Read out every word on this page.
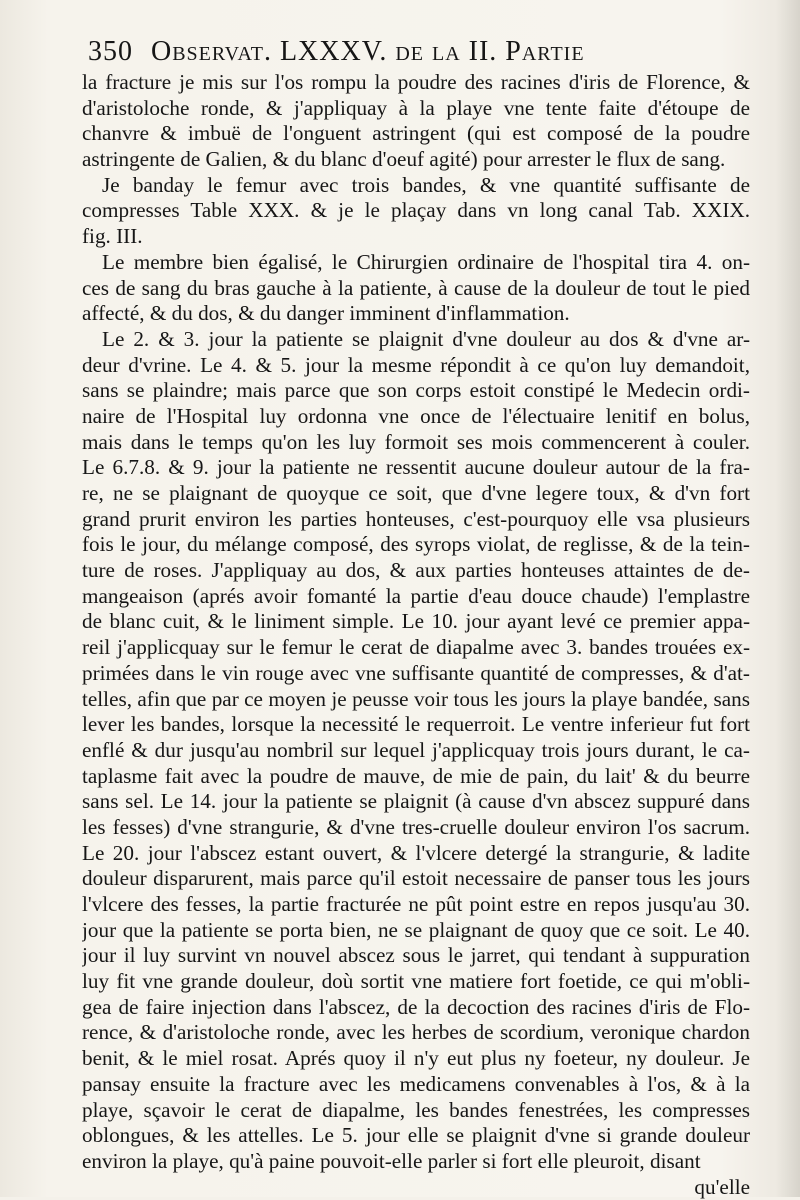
350 Observat. LXXXV. de la II. Partie
la fracture je mis sur l'os rompu la poudre des racines d'iris de Florence, &
d'aristoloche ronde, & j'appliquay à la playe vne tente faite d'étoupe de
chanvre & imbuë de l'onguent astringent (qui est composé de la poudre
astringente de Galien, & du blanc d'oeuf agité) pour arrester le flux de sang.
Je banday le femur avec trois bandes, & vne quantité suffisante de
compresses Table XXX. & je le plaçay dans vn long canal Tab. XXIX.
fig. III.
Le membre bien égalisé, le Chirurgien ordinaire de l'hospital tira 4. on-
ces de sang du bras gauche à la patiente, à cause de la douleur de tout le pied
affecté, & du dos, & du danger imminent d'inflammation.
Le 2. & 3. jour la patiente se plaignit d'vne douleur au dos & d'vne ar-
deur d'vrine. Le 4. & 5. jour la mesme répondit à ce qu'on luy demandoit,
sans se plaindre; mais parce que son corps estoit constipé le Medecin ordi-
naire de l'Hospital luy ordonna vne once de l'électuaire lenitif en bolus,
mais dans le temps qu'on les luy formoit ses mois commencerent à couler.
Le 6.7.8. & 9. jour la patiente ne ressentit aucune douleur autour de la fra-
re, ne se plaignant de quoyque ce soit, que d'vne legere toux, & d'vn fort
grand prurit environ les parties honteuses, c'est-pourquoy elle vsa plusieurs
fois le jour, du mélange composé, des syrops violat, de reglisse, & de la tein-
ture de roses. J'appliquay au dos, & aux parties honteuses attaintes de de-
mangeaison (aprés avoir fomanté la partie d'eau douce chaude) l'emplastre
de blanc cuit, & le liniment simple. Le 10. jour ayant levé ce premier appa-
reil j'applicquay sur le femur le cerat de diapalme avec 3. bandes trouées ex-
primées dans le vin rouge avec vne suffisante quantité de compresses, & d'at-
telles, afin que par ce moyen je peusse voir tous les jours la playe bandée, sans
lever les bandes, lorsque la necessité le requerroit. Le ventre inferieur fut fort
enflé & dur jusqu'au nombril sur lequel j'applicquay trois jours durant, le ca-
taplasme fait avec la poudre de mauve, de mie de pain, du lait' & du beurre
sans sel. Le 14. jour la patiente se plaignit (à cause d'vn abscez suppuré dans
les fesses) d'vne strangurie, & d'vne tres-cruelle douleur environ l'os sacrum.
Le 20. jour l'abscez estant ouvert, & l'vlcere detergé la strangurie, & ladite
douleur disparurent, mais parce qu'il estoit necessaire de panser tous les jours
l'vlcere des fesses, la partie fracturée ne pût point estre en repos jusqu'au 30.
jour que la patiente se porta bien, ne se plaignant de quoy que ce soit. Le 40.
jour il luy survint vn nouvel abscez sous le jarret, qui tendant à suppuration
luy fit vne grande douleur, doù sortit vne matiere fort foetide, ce qui m'obli-
gea de faire injection dans l'abscez, de la decoction des racines d'iris de Flo-
rence, & d'aristoloche ronde, avec les herbes de scordium, veronique chardon
benit, & le miel rosat. Aprés quoy il n'y eut plus ny foeteur, ny douleur. Je
pansay ensuite la fracture avec les medicamens convenables à l'os, & à la
playe, sçavoir le cerat de diapalme, les bandes fenestrées, les compresses
oblongues, & les attelles. Le 5. jour elle se plaignit d'vne si grande douleur
environ la playe, qu'à paine pouvoit-elle parler si fort elle pleuroit, disant
qu'elle
